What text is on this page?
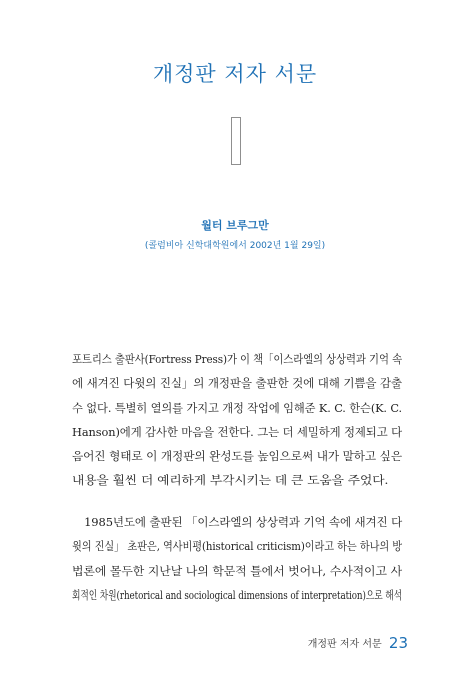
개정판 저자 서문
월터 브루그만
(콜럼비아 신학대학원에서 2002년 1월 29일)

포트리스 출판사(Fortress Press)가 이 책「이스라엘의 상상력과 기억 속
에 새겨진 다윗의 진실」의 개정판을 출판한 것에 대해 기쁨을 감출
수 없다. 특별히 열의를 가지고 개정 작업에 임해준 K. C. 한슨(K. C.
Hanson)에게 감사한 마음을 전한다. 그는 더 세밀하게 정제되고 다
음어진 형태로 이 개정판의 완성도를 높임으로써 내가 말하고 싶은
내용을 훨씬 더 예리하게 부각시키는 데 큰 도움을 주었다.

1985년도에 출판된 「이스라엘의 상상력과 기억 속에 새겨진 다
윗의 진실」 초판은, 역사비평(historical criticism)이라고 하는 하나의 방
법론에 몰두한 지난날 나의 학문적 틀에서 벗어나, 수사적이고 사
회적인 차원(rhetorical and sociological dimensions of interpretation)으로 해석

개정판 저자 서문 23
